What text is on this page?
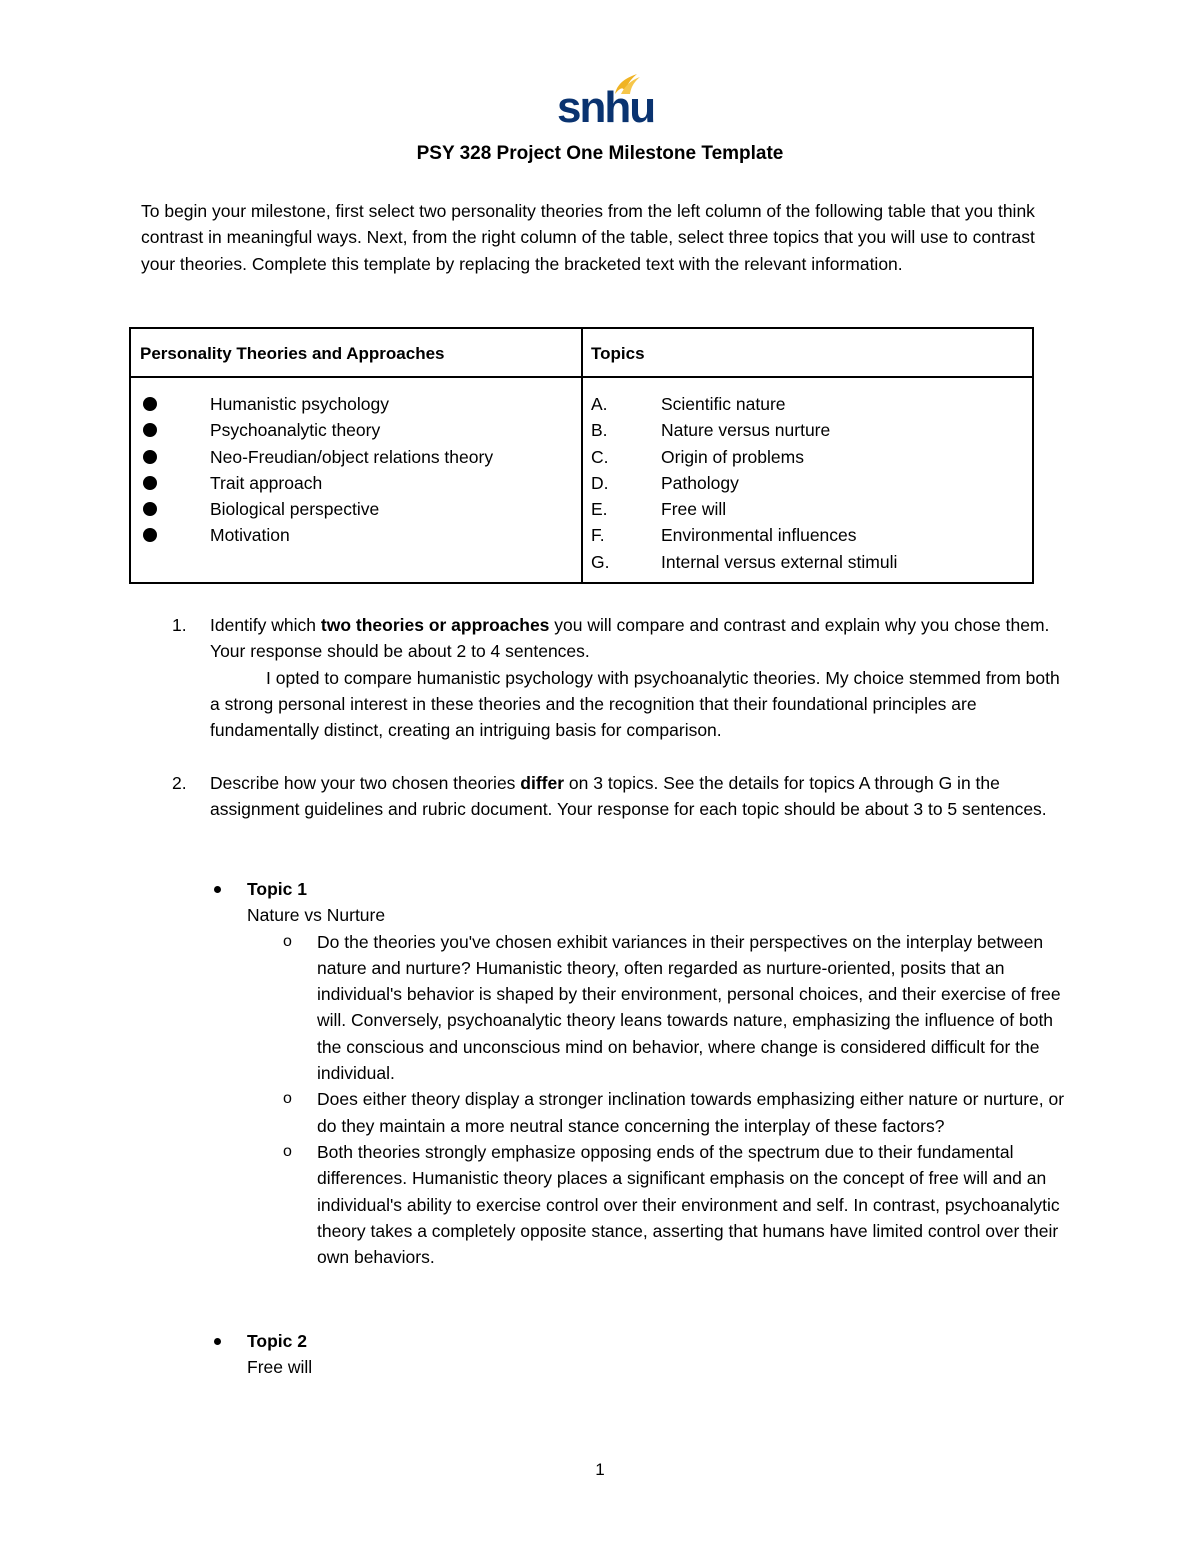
snhu
PSY 328 Project One Milestone Template
To begin your milestone, first select two personality theories from the left column of the following table that you think contrast in meaningful ways. Next, from the right column of the table, select three topics that you will use to contrast your theories. Complete this template by replacing the bracketed text with the relevant information.
Personality Theories and Approaches	Topics
Humanistic psychology
Psychoanalytic theory
Neo-Freudian/object relations theory
Trait approach
Biological perspective
Motivation
A.	Scientific nature
B.	Nature versus nurture
C.	Origin of problems
D.	Pathology
E.	Free will
F.	Environmental influences
G.	Internal versus external stimuli
1. Identify which two theories or approaches you will compare and contrast and explain why you chose them. Your response should be about 2 to 4 sentences.
I opted to compare humanistic psychology with psychoanalytic theories. My choice stemmed from both a strong personal interest in these theories and the recognition that their foundational principles are fundamentally distinct, creating an intriguing basis for comparison.
2. Describe how your two chosen theories differ on 3 topics. See the details for topics A through G in the assignment guidelines and rubric document. Your response for each topic should be about 3 to 5 sentences.
Topic 1
Nature vs Nurture
o Do the theories you've chosen exhibit variances in their perspectives on the interplay between nature and nurture? Humanistic theory, often regarded as nurture-oriented, posits that an individual's behavior is shaped by their environment, personal choices, and their exercise of free will. Conversely, psychoanalytic theory leans towards nature, emphasizing the influence of both the conscious and unconscious mind on behavior, where change is considered difficult for the individual.
o Does either theory display a stronger inclination towards emphasizing either nature or nurture, or do they maintain a more neutral stance concerning the interplay of these factors?
o Both theories strongly emphasize opposing ends of the spectrum due to their fundamental differences. Humanistic theory places a significant emphasis on the concept of free will and an individual's ability to exercise control over their environment and self. In contrast, psychoanalytic theory takes a completely opposite stance, asserting that humans have limited control over their own behaviors.
Topic 2
Free will
1
